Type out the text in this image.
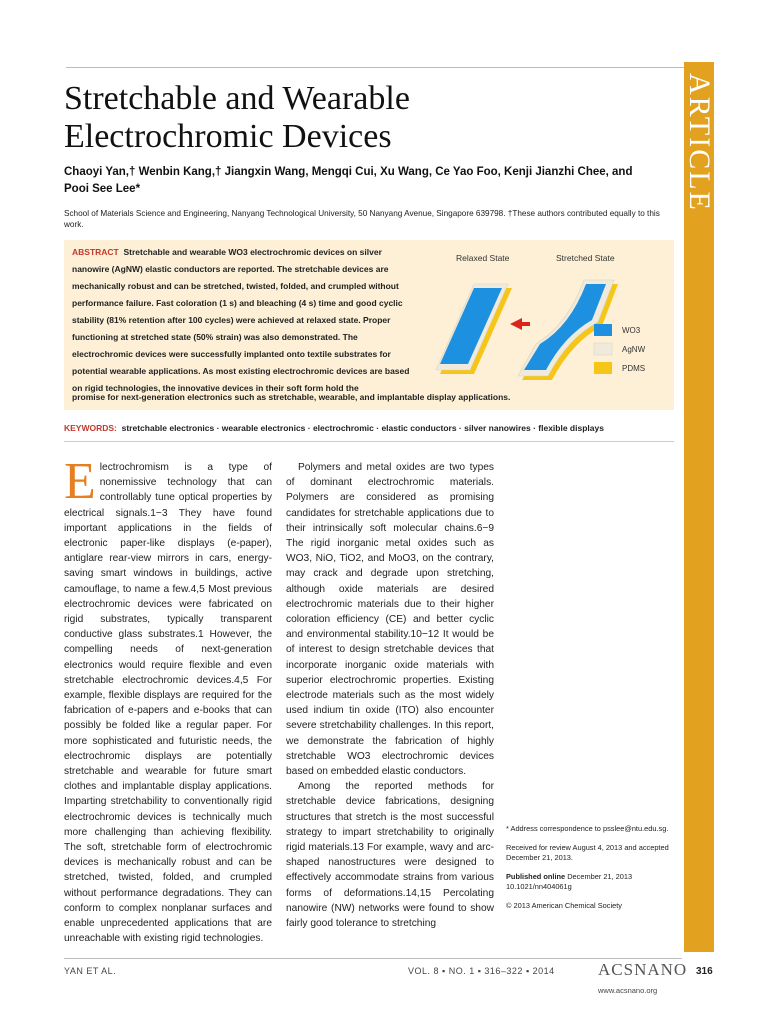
ARTICLE
Stretchable and Wearable
Electrochromic Devices
Chaoyi Yan,† Wenbin Kang,† Jiangxin Wang, Mengqi Cui, Xu Wang, Ce Yao Foo, Kenji Jianzhi Chee, and
Pooi See Lee*
School of Materials Science and Engineering, Nanyang Technological University, 50 Nanyang Avenue, Singapore 639798. †These authors contributed equally to this work.
ABSTRACT Stretchable and wearable WO3 electrochromic devices on silver nanowire (AgNW) elastic conductors are reported. The stretchable devices are mechanically robust and can be stretched, twisted, folded, and crumpled without performance failure. Fast coloration (1 s) and bleaching (4 s) time and good cyclic stability (81% retention after 100 cycles) were achieved at relaxed state. Proper functioning at stretched state (50% strain) was also demonstrated. The electrochromic devices were successfully implanted onto textile substrates for potential wearable applications. As most existing electrochromic devices are based on rigid technologies, the innovative devices in their soft form hold the
promise for next-generation electronics such as stretchable, wearable, and implantable display applications.
Relaxed State	Stretched State
WO3
AgNW
PDMS
KEYWORDS: stretchable electronics · wearable electronics · electrochromic · elastic conductors · silver nanowires · flexible displays
E lectrochromism is a type of nonemissive technology that can controllably tune optical properties by electrical signals.1−3 They have found important applications in the fields of electronic paper-like displays (e-paper), antiglare rear-view mirrors in cars, energy-saving smart windows in buildings, active camouflage, to name a few.4,5 Most previous electrochromic devices were fabricated on rigid substrates, typically transparent conductive glass substrates.1 However, the compelling needs of next-generation electronics would require flexible and even stretchable electrochromic devices.4,5 For example, flexible displays are required for the fabrication of e-papers and e-books that can possibly be folded like a regular paper. For more sophisticated and futuristic needs, the electrochromic displays are potentially stretchable and wearable for future smart clothes and implantable display applications. Imparting stretchability to conventionally rigid electrochromic devices is technically much more challenging than achieving flexibility. The soft, stretchable form of electrochromic devices is mechanically robust and can be stretched, twisted, folded, and crumpled without performance degradations. They can conform to complex nonplanar surfaces and enable unprecedented applications that are unreachable with existing rigid technologies.

Polymers and metal oxides are two types of dominant electrochromic materials. Polymers are considered as promising candidates for stretchable applications due to their intrinsically soft molecular chains.6−9 The rigid inorganic metal oxides such as WO3, NiO, TiO2, and MoO3, on the contrary, may crack and degrade upon stretching, although oxide materials are desired electrochromic materials due to their higher coloration efficiency (CE) and better cyclic and environmental stability.10−12 It would be of interest to design stretchable devices that incorporate inorganic oxide materials with superior electrochromic properties. Existing electrode materials such as the most widely used indium tin oxide (ITO) also encounter severe stretchability challenges. In this report, we demonstrate the fabrication of highly stretchable WO3 electrochromic devices based on embedded elastic conductors.

Among the reported methods for stretchable device fabrications, designing structures that stretch is the most successful strategy to impart stretchability to originally rigid materials.13 For example, wavy and arc-shaped nanostructures were designed to effectively accommodate strains from various forms of deformations.14,15 Percolating nanowire (NW) networks were found to show fairly good tolerance to stretching

* Address correspondence to psslee@ntu.edu.sg.
Received for review August 4, 2013 and accepted December 21, 2013.
Published online December 21, 2013
10.1021/nn404061g
© 2013 American Chemical Society
YAN ET AL.	VOL. 8 ▪ NO. 1 ▪ 316–322 ▪ 2014	ACSNANO 316
www.acsnano.org
